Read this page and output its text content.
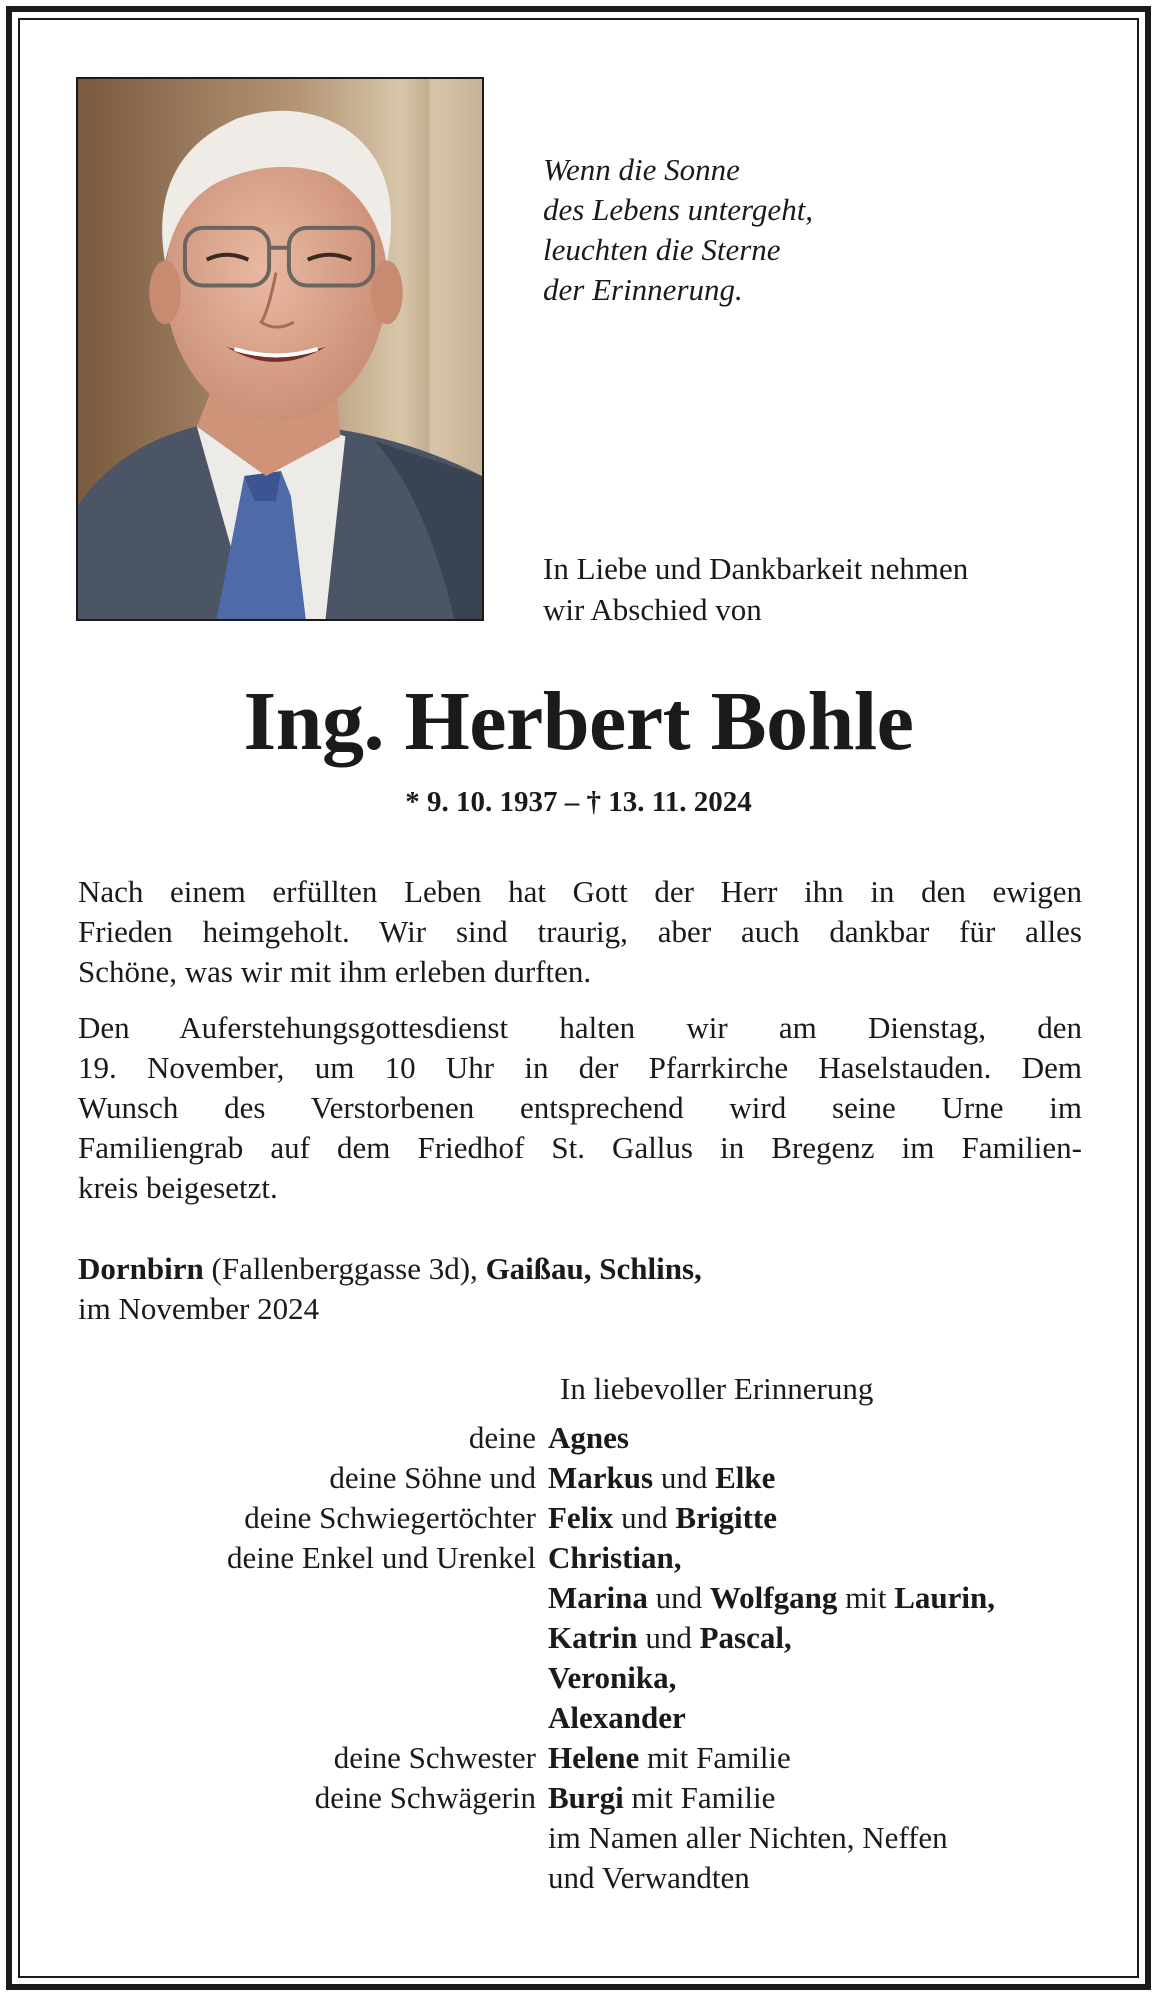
Wenn die Sonne
des Lebens untergeht,
leuchten die Sterne
der Erinnerung.
In Liebe und Dankbarkeit nehmen
wir Abschied von
Ing. Herbert Bohle
* 9. 10. 1937 – † 13. 11. 2024
Nach einem erfüllten Leben hat Gott der Herr ihn in den ewigen
Frieden heimgeholt. Wir sind traurig, aber auch dankbar für alles
Schöne, was wir mit ihm erleben durften.
Den Auferstehungsgottesdienst halten wir am Dienstag, den
19. November, um 10 Uhr in der Pfarrkirche Haselstauden. Dem
Wunsch des Verstorbenen entsprechend wird seine Urne im
Familiengrab auf dem Friedhof St. Gallus in Bregenz im Familien-
kreis beigesetzt.
Dornbirn (Fallenberggasse 3d), Gaißau, Schlins,
im November 2024
In liebevoller Erinnerung
deine Agnes
deine Söhne und Markus und Elke
deine Schwiegertöchter Felix und Brigitte
deine Enkel und Urenkel Christian,
Marina und Wolfgang mit Laurin,
Katrin und Pascal,
Veronika,
Alexander
deine Schwester Helene mit Familie
deine Schwägerin Burgi mit Familie
im Namen aller Nichten, Neffen
und Verwandten
